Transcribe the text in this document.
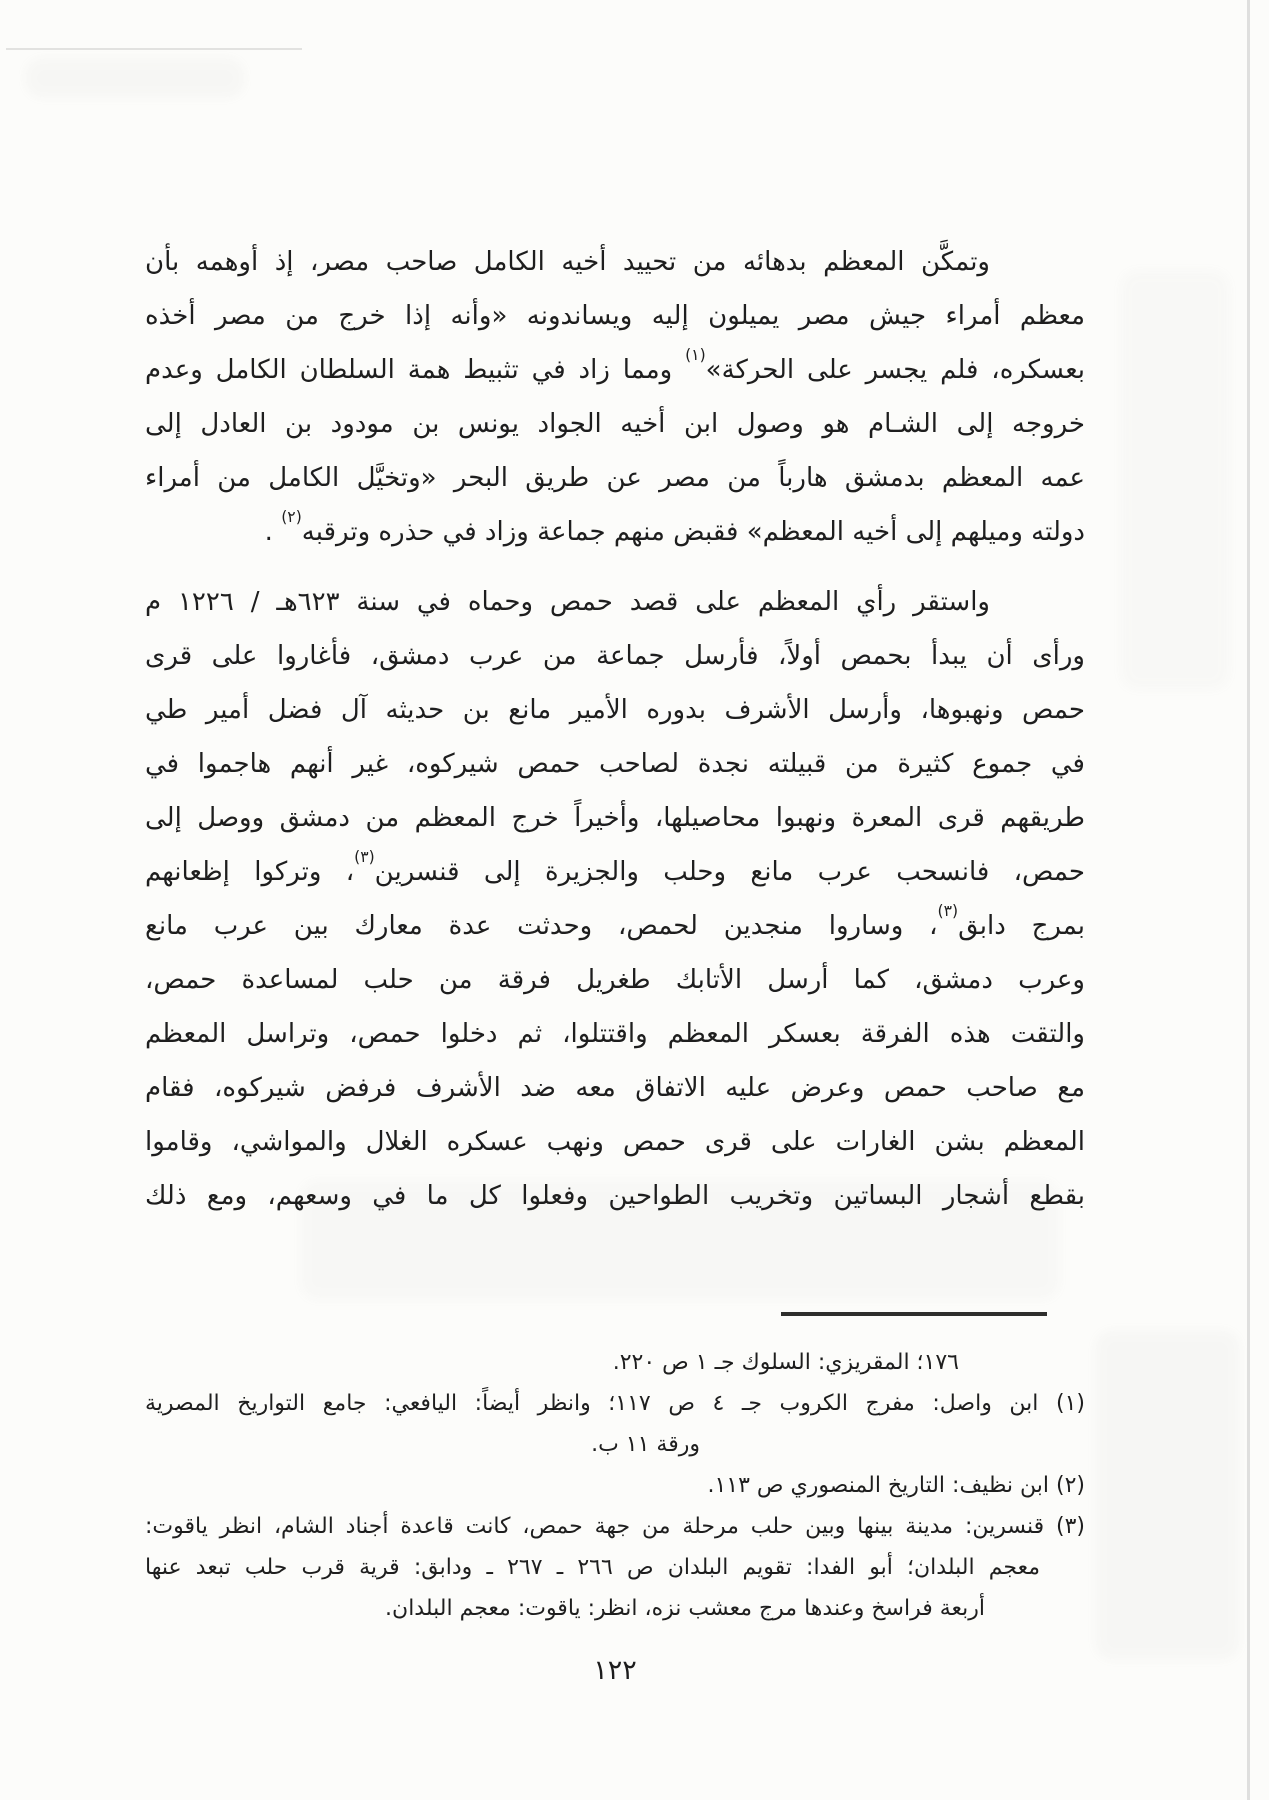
وتمكَّن المعظم بدهائه من تحييد أخيه الكامل صاحب مصر، إذ أوهمه بأن
معظم أمراء جيش مصر يميلون إليه ويساندونه «وأنه إذا خرج من مصر أخذه
بعسكره، فلم يجسر على الحركة»$^{(١)}$ ومما زاد في تثبيط همة السلطان الكامل وعدم
خروجه إلى الشـام هو وصول ابن أخيه الجواد يونس بن مودود بن العادل إلى
عمه المعظم بدمشق هارباً من مصر عن طريق البحر «وتخيَّل الكامل من أمراء
دولته وميلهم إلى أخيه المعظم» فقبض منهم جماعة وزاد في حذره وترقبه$^{(٢)}$ .
واستقر رأي المعظم على قصد حمص وحماه في سنة ٦٢٣هـ / ١٢٢٦ م
ورأى أن يبدأ بحمص أولاً، فأرسل جماعة من عرب دمشق، فأغاروا على قرى
حمص ونهبوها، وأرسل الأشرف بدوره الأمير مانع بن حديثه آل فضل أمير طي
في جموع كثيرة من قبيلته نجدة لصاحب حمص شيركوه، غير أنهم هاجموا في
طريقهم قرى المعرة ونهبوا محاصيلها، وأخيراً خرج المعظم من دمشق ووصل إلى
حمص، فانسحب عرب مانع وحلب والجزيرة إلى قنسرين$^{(٣)}$، وتركوا إظعانهم
بمرج دابق$^{(٣)}$، وساروا منجدين لحمص، وحدثت عدة معارك بين عرب مانع
وعرب دمشق، كما أرسل الأتابك طغريل فرقة من حلب لمساعدة حمص،
والتقت هذه الفرقة بعسكر المعظم واقتتلوا، ثم دخلوا حمص، وتراسل المعظم
مع صاحب حمص وعرض عليه الاتفاق معه ضد الأشرف فرفض شيركوه، فقام
المعظم بشن الغارات على قرى حمص ونهب عسكره الغلال والمواشي، وقاموا
بقطع أشجار البساتين وتخريب الطواحين وفعلوا كل ما في وسعهم، ومع ذلك
١٧٦؛ المقريزي: السلوك جـ ١ ص ٢٢٠.
(١) ابن واصل: مفرج الكروب جـ ٤ ص ١١٧؛ وانظر أيضاً: اليافعي: جامع التواريخ المصرية
ورقة ١١ ب.
(٢) ابن نظيف: التاريخ المنصوري ص ١١٣.
(٣) قنسرين: مدينة بينها وبين حلب مرحلة من جهة حمص، كانت قاعدة أجناد الشام، انظر ياقوت:
معجم البلدان؛ أبو الفدا: تقويم البلدان ص ٢٦٦ ـ ٢٦٧ ـ ودابق: قرية قرب حلب تبعد عنها
أربعة فراسخ وعندها مرج معشب نزه، انظر: ياقوت: معجم البلدان.
١٢٢
